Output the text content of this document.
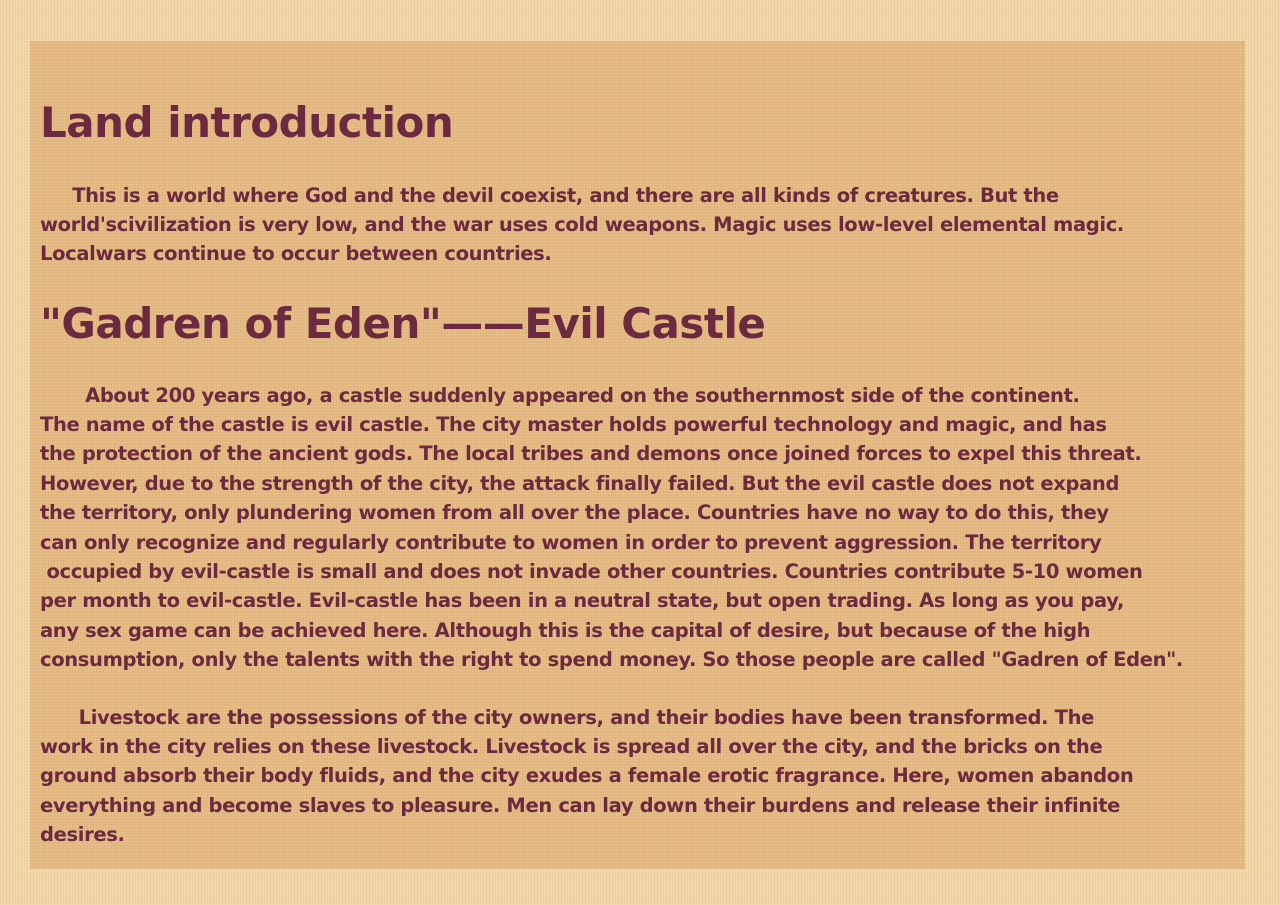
Land introduction

This is a world where God and the devil coexist, and there are all kinds of creatures. But the

world'scivilization is very low, and the war uses cold weapons. Magic uses low-level elemental magic.

Localwars continue to occur between countries.

"Gadren of Eden"——Evil Castle

About 200 years ago, a castle suddenly appeared on the southernmost side of the continent.

The name of the castle is evil castle. The city master holds powerful technology and magic, and has

the protection of the ancient gods. The local tribes and demons once joined forces to expel this threat.

However, due to the strength of the city, the attack finally failed. But the evil castle does not expand

the territory, only plundering women from all over the place. Countries have no way to do this, they

can only recognize and regularly contribute to women in order to prevent aggression. The territory

occupied by evil-castle is small and does not invade other countries. Countries contribute 5-10 women

per month to evil-castle. Evil-castle has been in a neutral state, but open trading. As long as you pay,

any sex game can be achieved here. Although this is the capital of desire, but because of the high

consumption, only the talents with the right to spend money. So those people are called "Gadren of Eden".

Livestock are the possessions of the city owners, and their bodies have been transformed. The

work in the city relies on these livestock. Livestock is spread all over the city, and the bricks on the

ground absorb their body fluids, and the city exudes a female erotic fragrance. Here, women abandon

everything and become slaves to pleasure. Men can lay down their burdens and release their infinite

desires.
